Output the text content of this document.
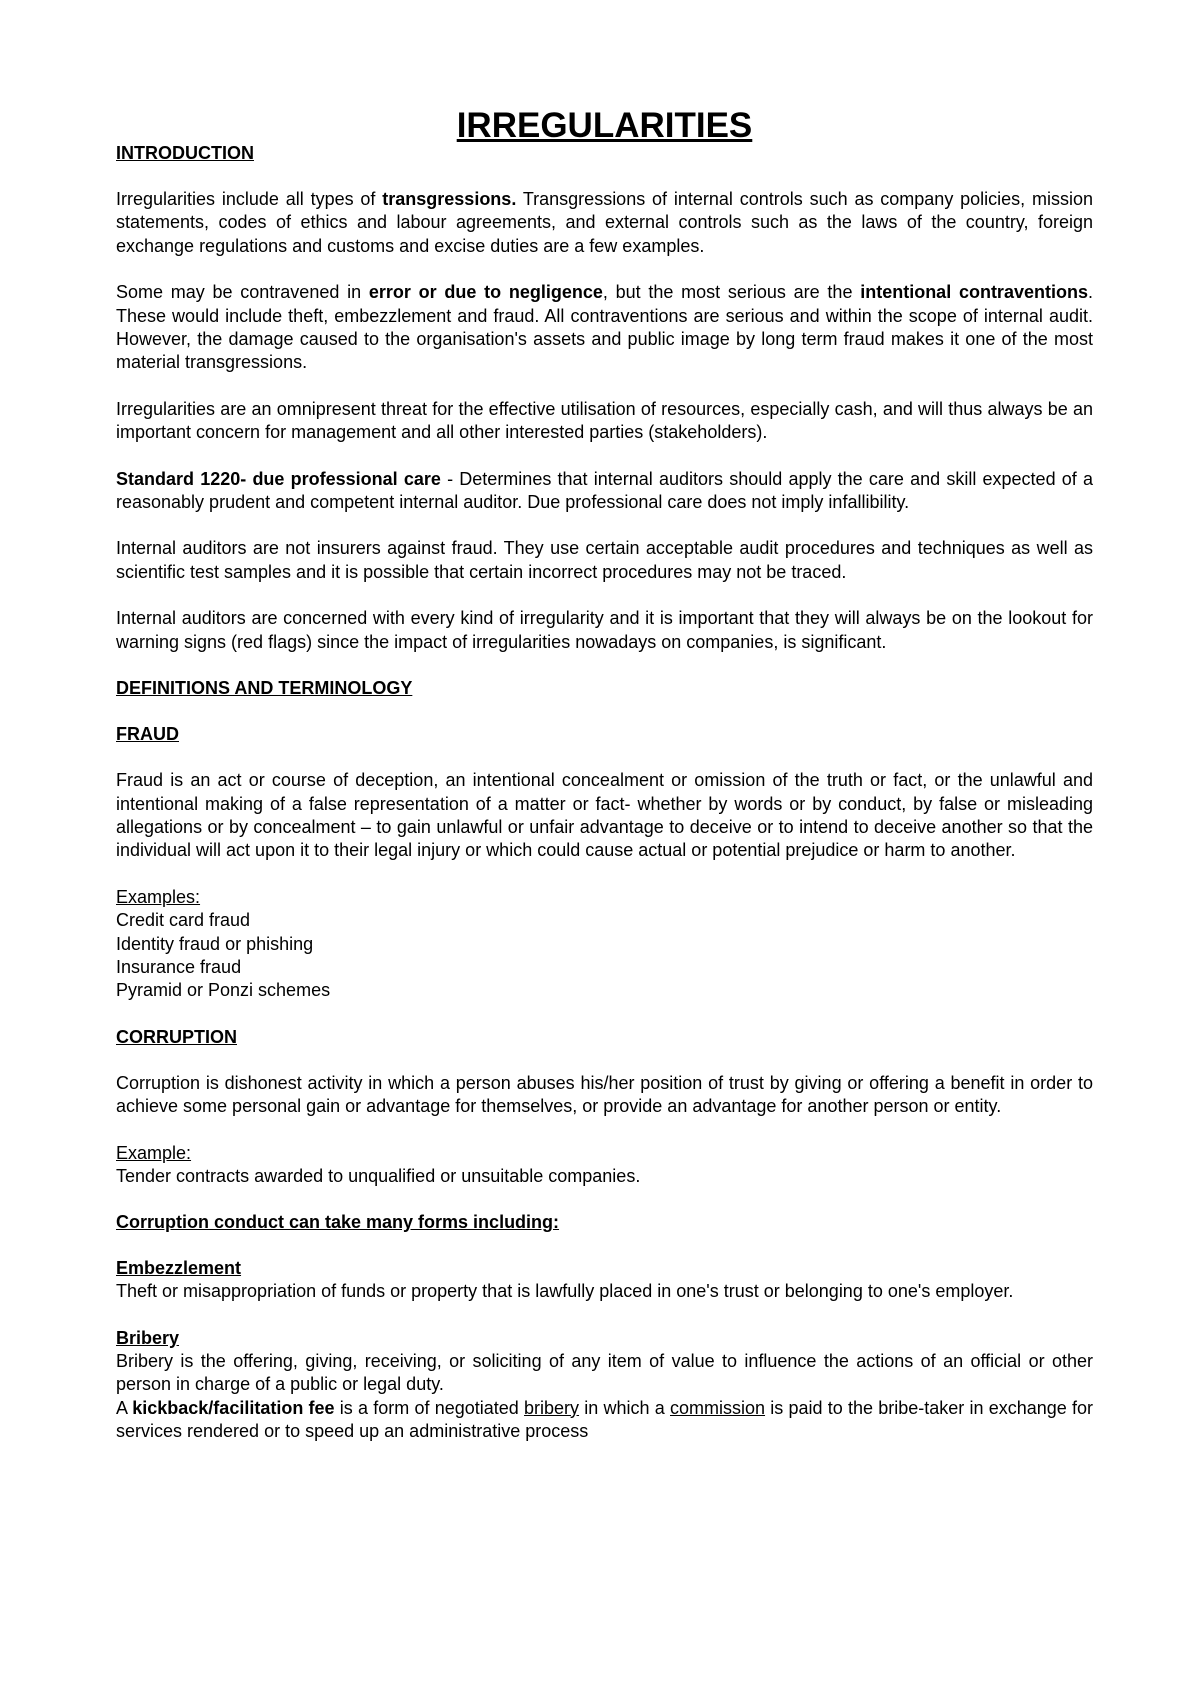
IRREGULARITIES

INTRODUCTION

Irregularities include all types of transgressions. Transgressions of internal controls such as company policies, mission statements, codes of ethics and labour agreements, and external controls such as the laws of the country, foreign exchange regulations and customs and excise duties are a few examples.

Some may be contravened in error or due to negligence, but the most serious are the intentional contraventions. These would include theft, embezzlement and fraud. All contraventions are serious and within the scope of internal audit. However, the damage caused to the organisation's assets and public image by long term fraud makes it one of the most material transgressions.

Irregularities are an omnipresent threat for the effective utilisation of resources, especially cash, and will thus always be an important concern for management and all other interested parties (stakeholders).

Standard 1220- due professional care - Determines that internal auditors should apply the care and skill expected of a reasonably prudent and competent internal auditor. Due professional care does not imply infallibility.

Internal auditors are not insurers against fraud. They use certain acceptable audit procedures and techniques as well as scientific test samples and it is possible that certain incorrect procedures may not be traced.

Internal auditors are concerned with every kind of irregularity and it is important that they will always be on the lookout for warning signs (red flags) since the impact of irregularities nowadays on companies, is significant.

DEFINITIONS AND TERMINOLOGY

FRAUD

Fraud is an act or course of deception, an intentional concealment or omission of the truth or fact, or the unlawful and intentional making of a false representation of a matter or fact- whether by words or by conduct, by false or misleading allegations or by concealment – to gain unlawful or unfair advantage to deceive or to intend to deceive another so that the individual will act upon it to their legal injury or which could cause actual or potential prejudice or harm to another.

Examples:

Credit card fraud

Identity fraud or phishing

Insurance fraud

Pyramid or Ponzi schemes

CORRUPTION

Corruption is dishonest activity in which a person abuses his/her position of trust by giving or offering a benefit in order to achieve some personal gain or advantage for themselves, or provide an advantage for another person or entity.

Example:

Tender contracts awarded to unqualified or unsuitable companies.

Corruption conduct can take many forms including:

Embezzlement

Theft or misappropriation of funds or property that is lawfully placed in one's trust or belonging to one's employer.

Bribery

Bribery is the offering, giving, receiving, or soliciting of any item of value to influence the actions of an official or other person in charge of a public or legal duty.

A kickback/facilitation fee is a form of negotiated bribery in which a commission is paid to the bribe-taker in exchange for services rendered or to speed up an administrative process
